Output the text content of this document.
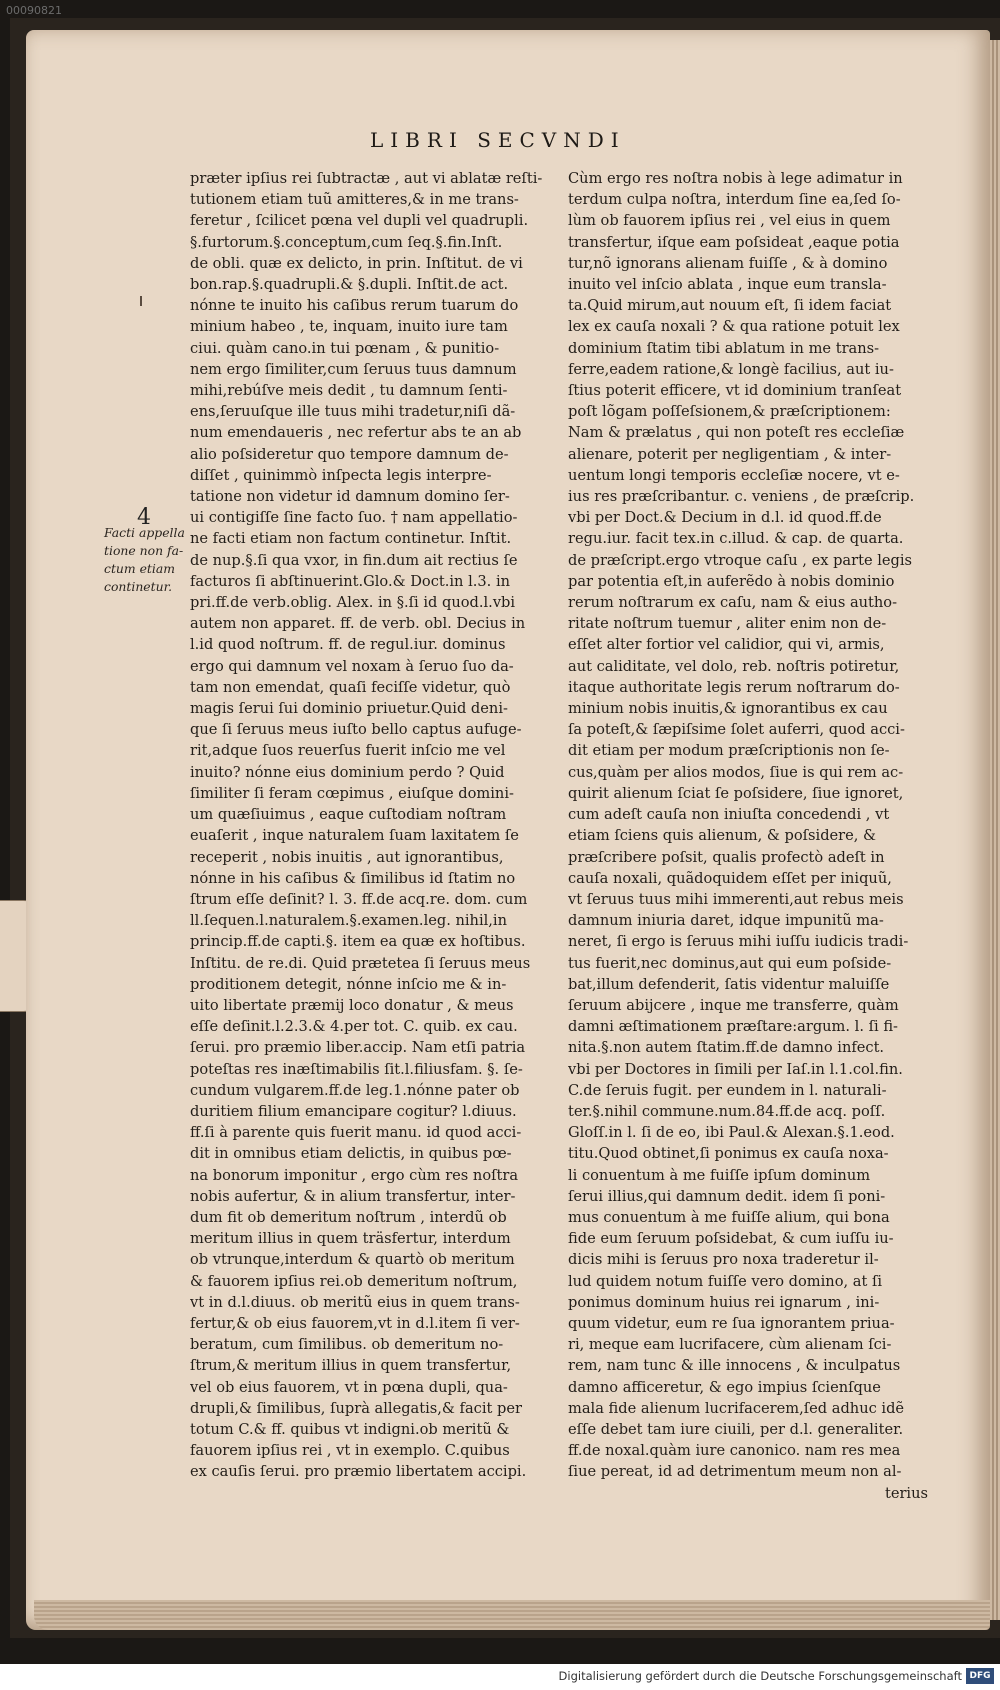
00090821
LIBRI SECVNDI
4
Facti appella
tione non fa-
ctum etiam
continetur.
præter ipſius rei ſubtractæ , aut vi ablatæ reſti-
tutionem etiam tuũ amitteres,& in me trans-
feretur , ſcilicet pœna vel dupli vel quadrupli.
§.furtorum.§.conceptum,cum ſeq.§.fin.Inſt.
de obli. quæ ex delicto, in prin. Inſtitut. de vi
bon.rap.§.quadrupli.& §.dupli. Inſtit.de act.
nónne te inuito his caſibus rerum tuarum do
minium habeo , te, inquam, inuito iure tam
ciui. quàm cano.in tui pœnam , & punitio-
nem ergo ſimiliter,cum ſeruus tuus damnum
mihi,rebúſve meis dedit , tu damnum ſenti-
ens,ſeruuſque ille tuus mihi tradetur,niſi dã-
num emendaueris , nec refertur abs te an ab
alio poſsideretur quo tempore damnum de-
diſſet , quinimmò inſpecta legis interpre-
tatione non videtur id damnum domino ſer-
ui contigiſſe ſine facto ſuo. † nam appellatio-
ne facti etiam non factum continetur. Inſtit.
de nup.§.ſi qua vxor, in fin.dum ait rectius ſe
facturos ſi abſtinuerint.Glo.& Doct.in l.3. in
pri.ff.de verb.oblig. Alex. in §.ſi id quod.l.vbi
autem non apparet. ff. de verb. obl. Decius in
l.id quod noſtrum. ff. de regul.iur. dominus
ergo qui damnum vel noxam à ſeruo ſuo da-
tam non emendat, quaſi feciſſe videtur, quò
magis ſerui ſui dominio priuetur.Quid deni-
que ſi ſeruus meus iuſto bello captus aufuge-
rit,adque ſuos reuerſus fuerit inſcio me vel
inuito? nónne eius dominium perdo ? Quid
ſimiliter ſi feram cœpimus , eiuſque domini-
um quæſiuimus , eaque cuſtodiam noſtram
euaſerit , inque naturalem ſuam laxitatem ſe
receperit , nobis inuitis , aut ignorantibus,
nónne in his caſibus & ſimilibus id ſtatim no
ſtrum eſſe deſinit? l. 3. ff.de acq.re. dom. cum
ll.ſequen.l.naturalem.§.examen.leg. nihil,in
princip.ff.de capti.§. item ea quæ ex hoſtibus.
Inſtitu. de re.di. Quid prætetea ſi ſeruus meus
proditionem detegit, nónne inſcio me & in-
uito libertate præmij loco donatur , & meus
eſſe deſinit.l.2.3.& 4.per tot. C. quib. ex cau.
ſerui. pro præmio liber.accip. Nam etſi patria
poteſtas res inæſtimabilis ſit.l.filiusfam. §. ſe-
cundum vulgarem.ff.de leg.1.nónne pater ob
duritiem filium emancipare cogitur? l.diuus.
ff.ſi à parente quis fuerit manu. id quod acci-
dit in omnibus etiam delictis, in quibus pœ-
na bonorum imponitur , ergo cùm res noſtra
nobis aufertur, & in alium transfertur, inter-
dum fit ob demeritum noſtrum , interdũ ob
meritum illius in quem träsfertur, interdum
ob vtrunque,interdum & quartò ob meritum
& fauorem ipſius rei.ob demeritum noſtrum,
vt in d.l.diuus. ob meritũ eius in quem trans-
fertur,& ob eius fauorem,vt in d.l.item ſi ver-
beratum, cum ſimilibus. ob demeritum no-
ſtrum,& meritum illius in quem transfertur,
vel ob eius fauorem, vt in pœna dupli, qua-
drupli,& ſimilibus, ſuprà allegatis,& facit per
totum C.& ff. quibus vt indigni.ob meritũ &
fauorem ipſius rei , vt in exemplo. C.quibus
ex cauſis ſerui. pro præmio libertatem accipi.
Cùm ergo res noſtra nobis à lege adimatur in
terdum culpa noſtra, interdum ſine ea,ſed ſo-
lùm ob fauorem ipſius rei , vel eius in quem
transfertur, iſque eam poſsideat ,eaque potia
tur,nõ ignorans alienam fuiſſe , & à domino
inuito vel inſcio ablata , inque eum transla-
ta.Quid mirum,aut nouum eſt, ſi idem faciat
lex ex cauſa noxali ? & qua ratione potuit lex
dominium ſtatim tibi ablatum in me trans-
ferre,eadem ratione,& longè facilius, aut iu-
ſtius poterit efficere, vt id dominium tranſeat
poſt lõgam poſſeſsionem,& præſcriptionem:
Nam & prælatus , qui non poteſt res eccleſiæ
alienare, poterit per negligentiam , & inter-
uentum longi temporis eccleſiæ nocere, vt e-
ius res præſcribantur. c. veniens , de præſcrip.
vbi per Doct.& Decium in d.l. id quod.ff.de
regu.iur. facit tex.in c.illud. & cap. de quarta.
de præſcript.ergo vtroque caſu , ex parte legis
par potentia eſt,in auferẽdo à nobis dominio
rerum noſtrarum ex caſu, nam & eius autho-
ritate noſtrum tuemur , aliter enim non de-
eſſet alter fortior vel calidior, qui vi, armis,
aut caliditate, vel dolo, reb. noſtris potiretur,
itaque authoritate legis rerum noſtrarum do-
minium nobis inuitis,& ignorantibus ex cau
ſa poteſt,& ſæpiſsime ſolet auferri, quod acci-
dit etiam per modum præſcriptionis non ſe-
cus,quàm per alios modos, ſiue is qui rem ac-
quirit alienum ſciat ſe poſsidere, ſiue ignoret,
cum adeſt cauſa non iniuſta concedendi , vt
etiam ſciens quis alienum, & poſsidere, &
præſcribere poſsit, qualis profectò adeſt in
cauſa noxali, quãdoquidem eſſet per iniquũ,
vt ſeruus tuus mihi immerenti,aut rebus meis
damnum iniuria daret, idque impunitũ ma-
neret, ſi ergo is ſeruus mihi iuſſu iudicis tradi-
tus fuerit,nec dominus,aut qui eum poſside-
bat,illum defenderit, ſatis videntur maluiſſe
ſeruum abijcere , inque me transferre, quàm
damni æſtimationem præſtare:argum. l. ſi fi-
nita.§.non autem ſtatim.ff.de damno infect.
vbi per Doctores in ſimili per Iaſ.in l.1.col.fin.
C.de ſeruis fugit. per eundem in l. naturali-
ter.§.nihil commune.num.84.ff.de acq. poſſ.
Gloſſ.in l. ſi de eo, ibi Paul.& Alexan.§.1.eod.
titu.Quod obtinet,ſi ponimus ex cauſa noxa-
li conuentum à me fuiſſe ipſum dominum
ſerui illius,qui damnum dedit. idem ſi poni-
mus conuentum à me fuiſſe alium, qui bona
fide eum ſeruum poſsidebat, & cum iuſſu iu-
dicis mihi is ſeruus pro noxa traderetur il-
lud quidem notum fuiſſe vero domino, at ſi
ponimus dominum huius rei ignarum , ini-
quum videtur, eum re ſua ignorantem priua-
ri, meque eam lucrifacere, cùm alienam ſci-
rem, nam tunc & ille innocens , & inculpatus
damno afficeretur, & ego impius ſcienſque
mala fide alienum lucrifacerem,ſed adhuc idẽ
eſſe debet tam iure ciuili, per d.l. generaliter.
ff.de noxal.quàm iure canonico. nam res mea
ſiue pereat, id ad detrimentum meum non al-
terius
Digitalisierung gefördert durch die Deutsche Forschungsgemeinschaft DFG
